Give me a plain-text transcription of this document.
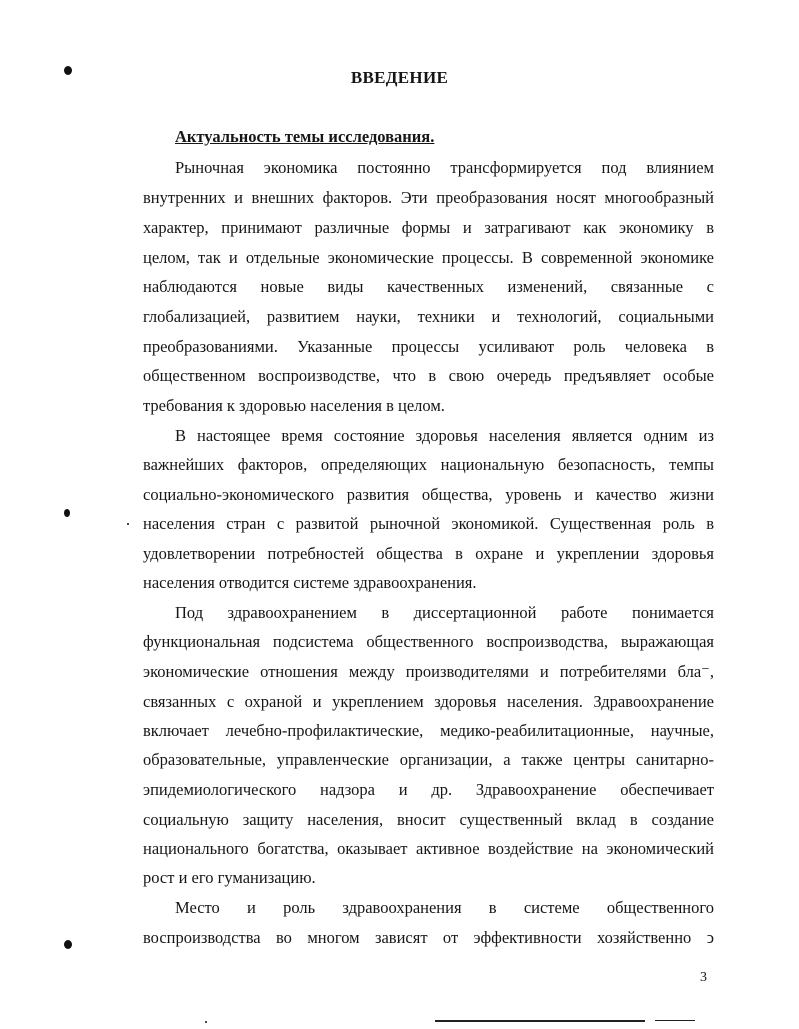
ВВЕДЕНИЕ
Актуальность темы исследования.
Рыночная экономика постоянно трансформируется под влиянием
внутренних и внешних факторов. Эти преобразования носят многообразный
характер, принимают различные формы и затрагивают как экономику в
целом, так и отдельные экономические процессы. В современной экономике
наблюдаются новые виды качественных изменений, связанные с
глобализацией, развитием науки, техники и технологий, социальными
преобразованиями. Указанные процессы усиливают роль человека в
общественном воспроизводстве, что в свою очередь предъявляет особые
требования к здоровью населения в целом.
В настоящее время состояние здоровья населения является одним из
важнейших факторов, определяющих национальную безопасность, темпы
социально-экономического развития общества, уровень и качество жизни
населения стран с развитой рыночной экономикой. Существенная роль в
удовлетворении потребностей общества в охране и укреплении здоровья
населения отводится системе здравоохранения.
Под здравоохранением в диссертационной работе понимается
функциональная подсистема общественного воспроизводства, выражающая
экономические отношения между производителями и потребителями бла⁻,
связанных с охраной и укреплением здоровья населения. Здравоохранение
включает лечебно-профилактические, медико-реабилитационные, научные,
образовательные, управленческие организации, а также центры санитарно-
эпидемиологического надзора и др. Здравоохранение обеспечивает
социальную защиту населения, вносит существенный вклад в создание
национального богатства, оказывает активное воздействие на экономический
рост и его гуманизацию.
Место и роль здравоохранения в системе общественного
воспроизводства во многом зависят от эффективности хозяйственно ͻ
3
